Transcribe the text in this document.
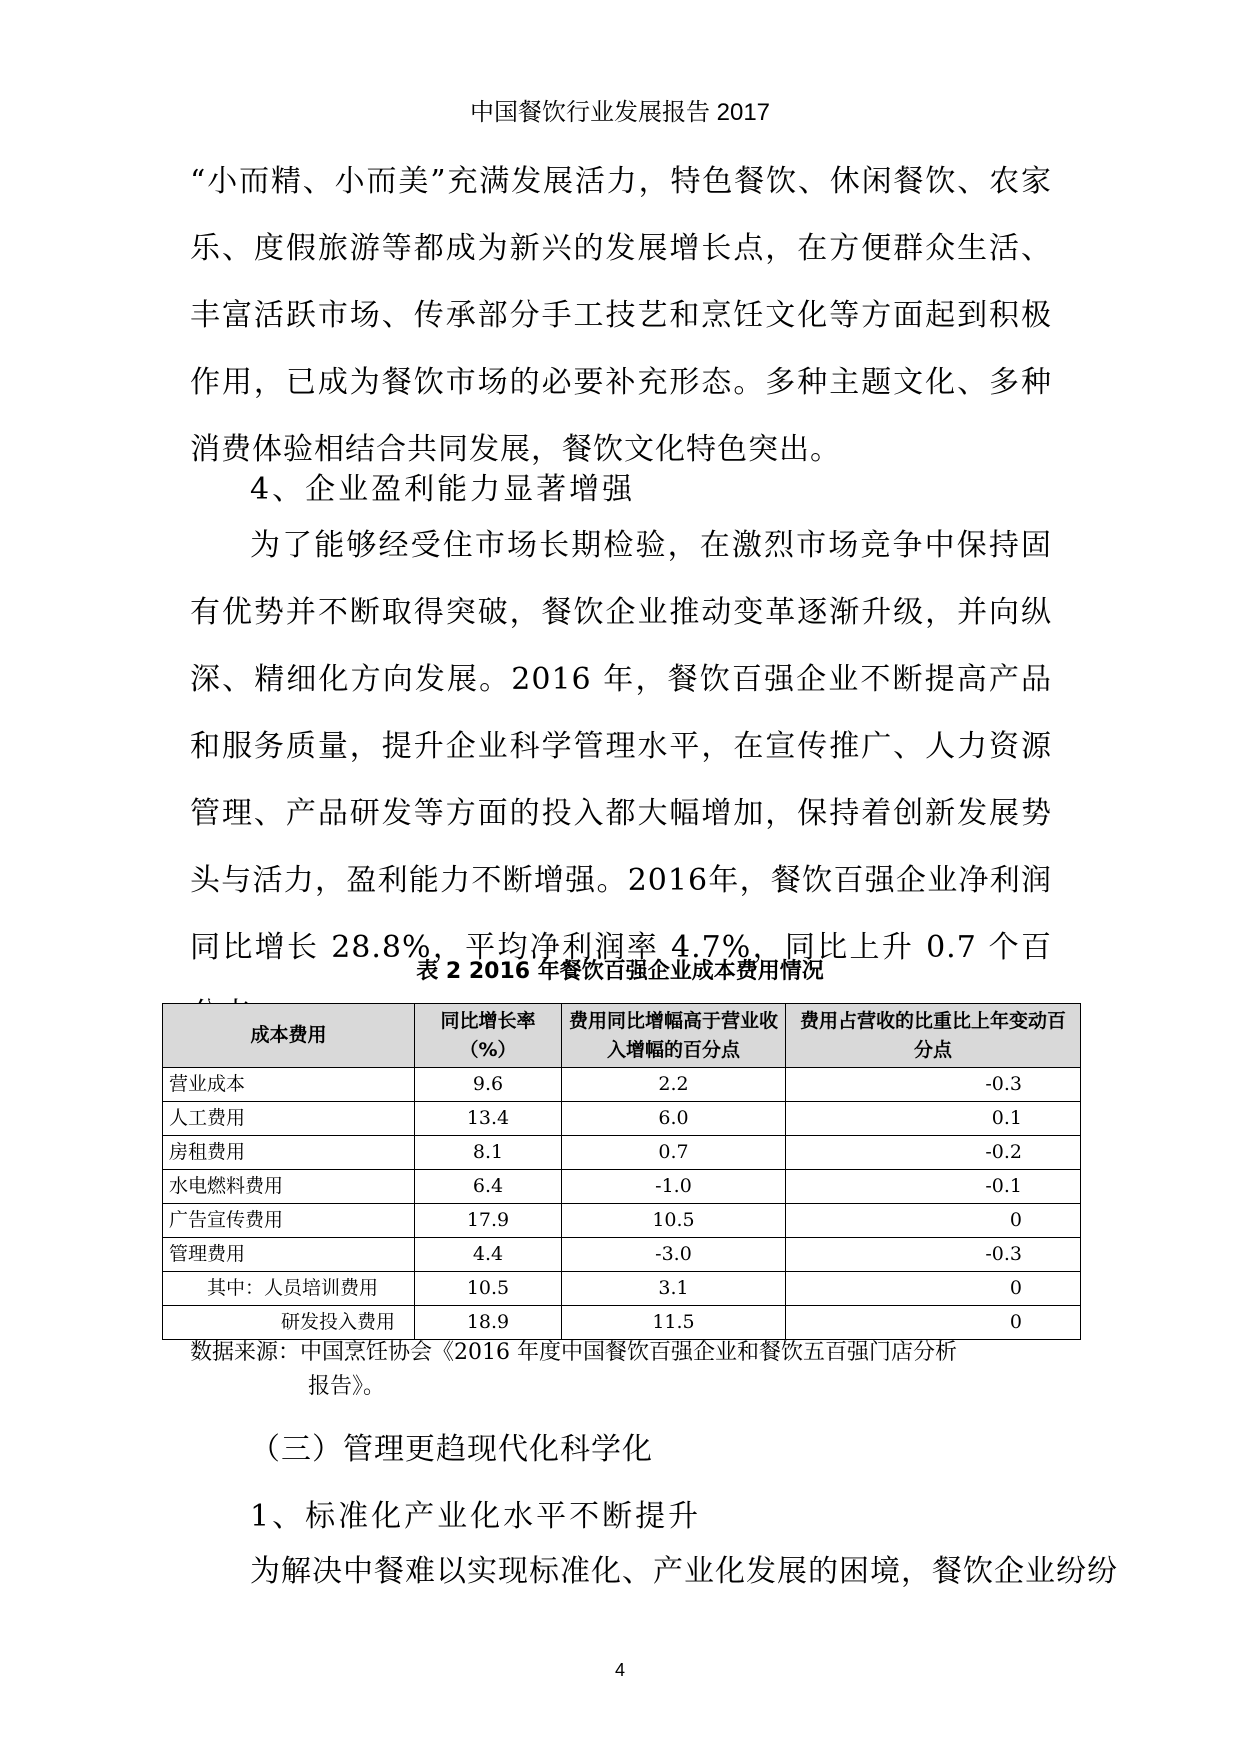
中国餐饮行业发展报告 2017

“小而精、小而美”充满发展活力，特色餐饮、休闲餐饮、农家乐、度假旅游等都成为新兴的发展增长点，在方便群众生活、丰富活跃市场、传承部分手工技艺和烹饪文化等方面起到积极作用，已成为餐饮市场的必要补充形态。多种主题文化、多种消费体验相结合共同发展，餐饮文化特色突出。

4、企业盈利能力显著增强

为了能够经受住市场长期检验，在激烈市场竞争中保持固有优势并不断取得突破，餐饮企业推动变革逐渐升级，并向纵深、精细化方向发展。2016 年，餐饮百强企业不断提高产品和服务质量，提升企业科学管理水平，在宣传推广、人力资源管理、产品研发等方面的投入都大幅增加，保持着创新发展势头与活力，盈利能力不断增强。2016年，餐饮百强企业净利润同比增长 28.8%，平均净利润率 4.7%，同比上升 0.7 个百

表 2 2016 年餐饮百强企业成本费用情况
成本费用	同比增长率（%）	费用同比增幅高于营业收入增幅的百分点	费用占营收的比重比上年变动百分点
营业成本	9.6	2.2	-0.3
人工费用	13.4	6.0	0.1
房租费用	8.1	0.7	-0.2
水电燃料费用	6.4	-1.0	-0.1
广告宣传费用	17.9	10.5	0
管理费用	4.4	-3.0	-0.3
其中：人员培训费用	10.5	3.1	0
研发投入费用	18.9	11.5	0
数据来源：中国烹饪协会《2016 年度中国餐饮百强企业和餐饮五百强门店分析
报告》。
（三）管理更趋现代化科学化
1、标准化产业化水平不断提升
为解决中餐难以实现标准化、产业化发展的困境，餐饮企业纷纷
4
